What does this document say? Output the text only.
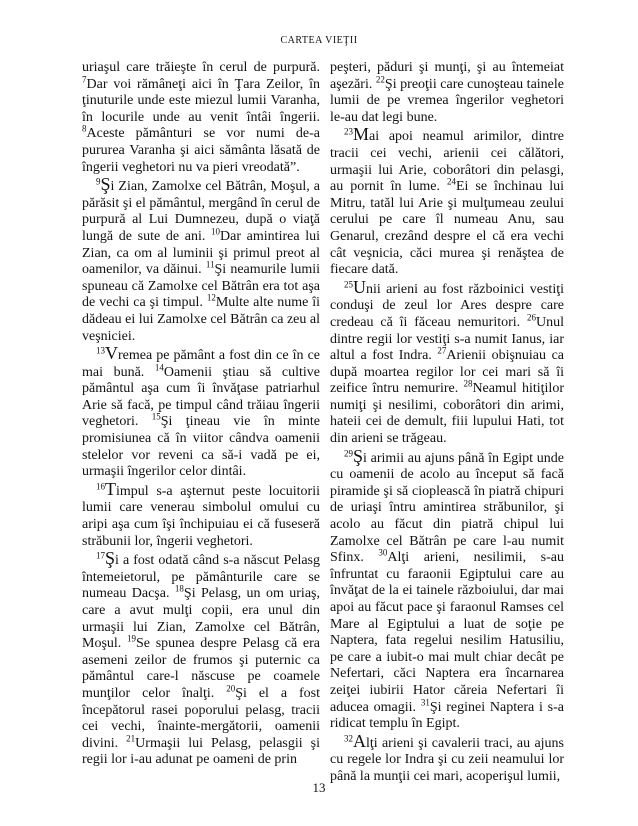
CARTEA VIEŢII

uriaşul care trăieşte în cerul de purpură. $^7$Dar voi rămâneţi aici în Ţara Zeilor, în ţinuturile unde este miezul lumii Varanha, în locurile unde au venit întâi îngerii. $^8$Aceste pământuri se vor numi de-a pururea Varanha şi aici sământa lăsată de îngerii veghetori nu va pieri vreodată”.

$^9$Şi Zian, Zamolxe cel Bătrân, Moşul, a părăsit şi el pământul, mergând în cerul de purpură al Lui Dumnezeu, după o viaţă lungă de sute de ani. $^{10}$Dar amintirea lui Zian, ca om al luminii şi primul preot al oamenilor, va dăinui. $^{11}$Şi neamurile lumii spuneau că Zamolxe cel Bătrân era tot aşa de vechi ca şi timpul. $^{12}$Multe alte nume îi dădeau ei lui Zamolxe cel Bătrân ca zeu al veşniciei.

$^{13}$Vremea pe pământ a fost din ce în ce mai bună. $^{14}$Oamenii ştiau să cultive pământul aşa cum îi învăţase patriarhul Arie să facă, pe timpul când trăiau îngerii veghetori. $^{15}$Şi ţineau vie în minte promisiunea că în viitor cândva oamenii stelelor vor reveni ca să-i vadă pe ei, urmaşii îngerilor celor dintâi.

$^{16}$Timpul s-a aşternut peste locuitorii lumii care venerau simbolul omului cu aripi aşa cum îşi închipuiau ei că fuseseră străbunii lor, îngerii veghetori.

$^{17}$Şi a fost odată când s-a născut Pelasg întemeietorul, pe pământurile care se numeau Dacşa. $^{18}$Şi Pelasg, un om uriaş, care a avut mulţi copii, era unul din urmaşii lui Zian, Zamolxe cel Bătrân, Moşul. $^{19}$Se spunea despre Pelasg că era asemeni zeilor de frumos şi puternic ca pământul care-l născuse pe coamele munţilor celor înalţi. $^{20}$Şi el a fost începătorul rasei poporului pelasg, tracii cei vechi, înainte-mergătorii, oamenii divini. $^{21}$Urmaşii lui Pelasg, pelasgii şi regii lor i-au adunat pe oameni de prin

peşteri, păduri şi munţi, şi au întemeiat aşezări. $^{22}$Şi preoţii care cunoşteau tainele lumii de pe vremea îngerilor veghetori le-au dat legi bune.

$^{23}$Mai apoi neamul arimilor, dintre tracii cei vechi, arienii cei călători, urmaşii lui Arie, coborâtori din pelasgi, au pornit în lume. $^{24}$Ei se închinau lui Mitru, tatăl lui Arie şi mulţumeau zeului cerului pe care îl numeau Anu, sau Genarul, crezând despre el că era vechi cât veşnicia, căci murea şi renăştea de fiecare dată.

$^{25}$Unii arieni au fost războinici vestiţi conduşi de zeul lor Ares despre care credeau că îi făceau nemuritori. $^{26}$Unul dintre regii lor vestiţi s-a numit Ianus, iar altul a fost Indra. $^{27}$Arienii obişnuiau ca după moartea regilor lor cei mari să îi zeifice întru nemurire. $^{28}$Neamul hitiţilor numiţi şi nesilimi, coborâtori din arimi, hateii cei de demult, fiii lupului Hati, tot din arieni se trăgeau.

$^{29}$Şi arimii au ajuns până în Egipt unde cu oamenii de acolo au început să facă piramide şi să cioplească în piatră chipuri de uriaşi întru amintirea străbunilor, şi acolo au făcut din piatră chipul lui Zamolxe cel Bătrân pe care l-au numit Sfinx. $^{30}$Alţi arieni, nesilimii, s-au înfruntat cu faraonii Egiptului care au învăţat de la ei tainele războiului, dar mai apoi au făcut pace şi faraonul Ramses cel Mare al Egiptului a luat de soţie pe Naptera, fata regelui nesilim Hatusiliu, pe care a iubit-o mai mult chiar decât pe Nefertari, căci Naptera era încarnarea zeiţei iubirii Hator căreia Nefertari îi aducea omagii. $^{31}$Şi reginei Naptera i s-a ridicat templu în Egipt.

$^{32}$Alţi arieni şi cavalerii traci, au ajuns cu regele lor Indra şi cu zeii neamului lor până la munţii cei mari, acoperişul lumii,

13
